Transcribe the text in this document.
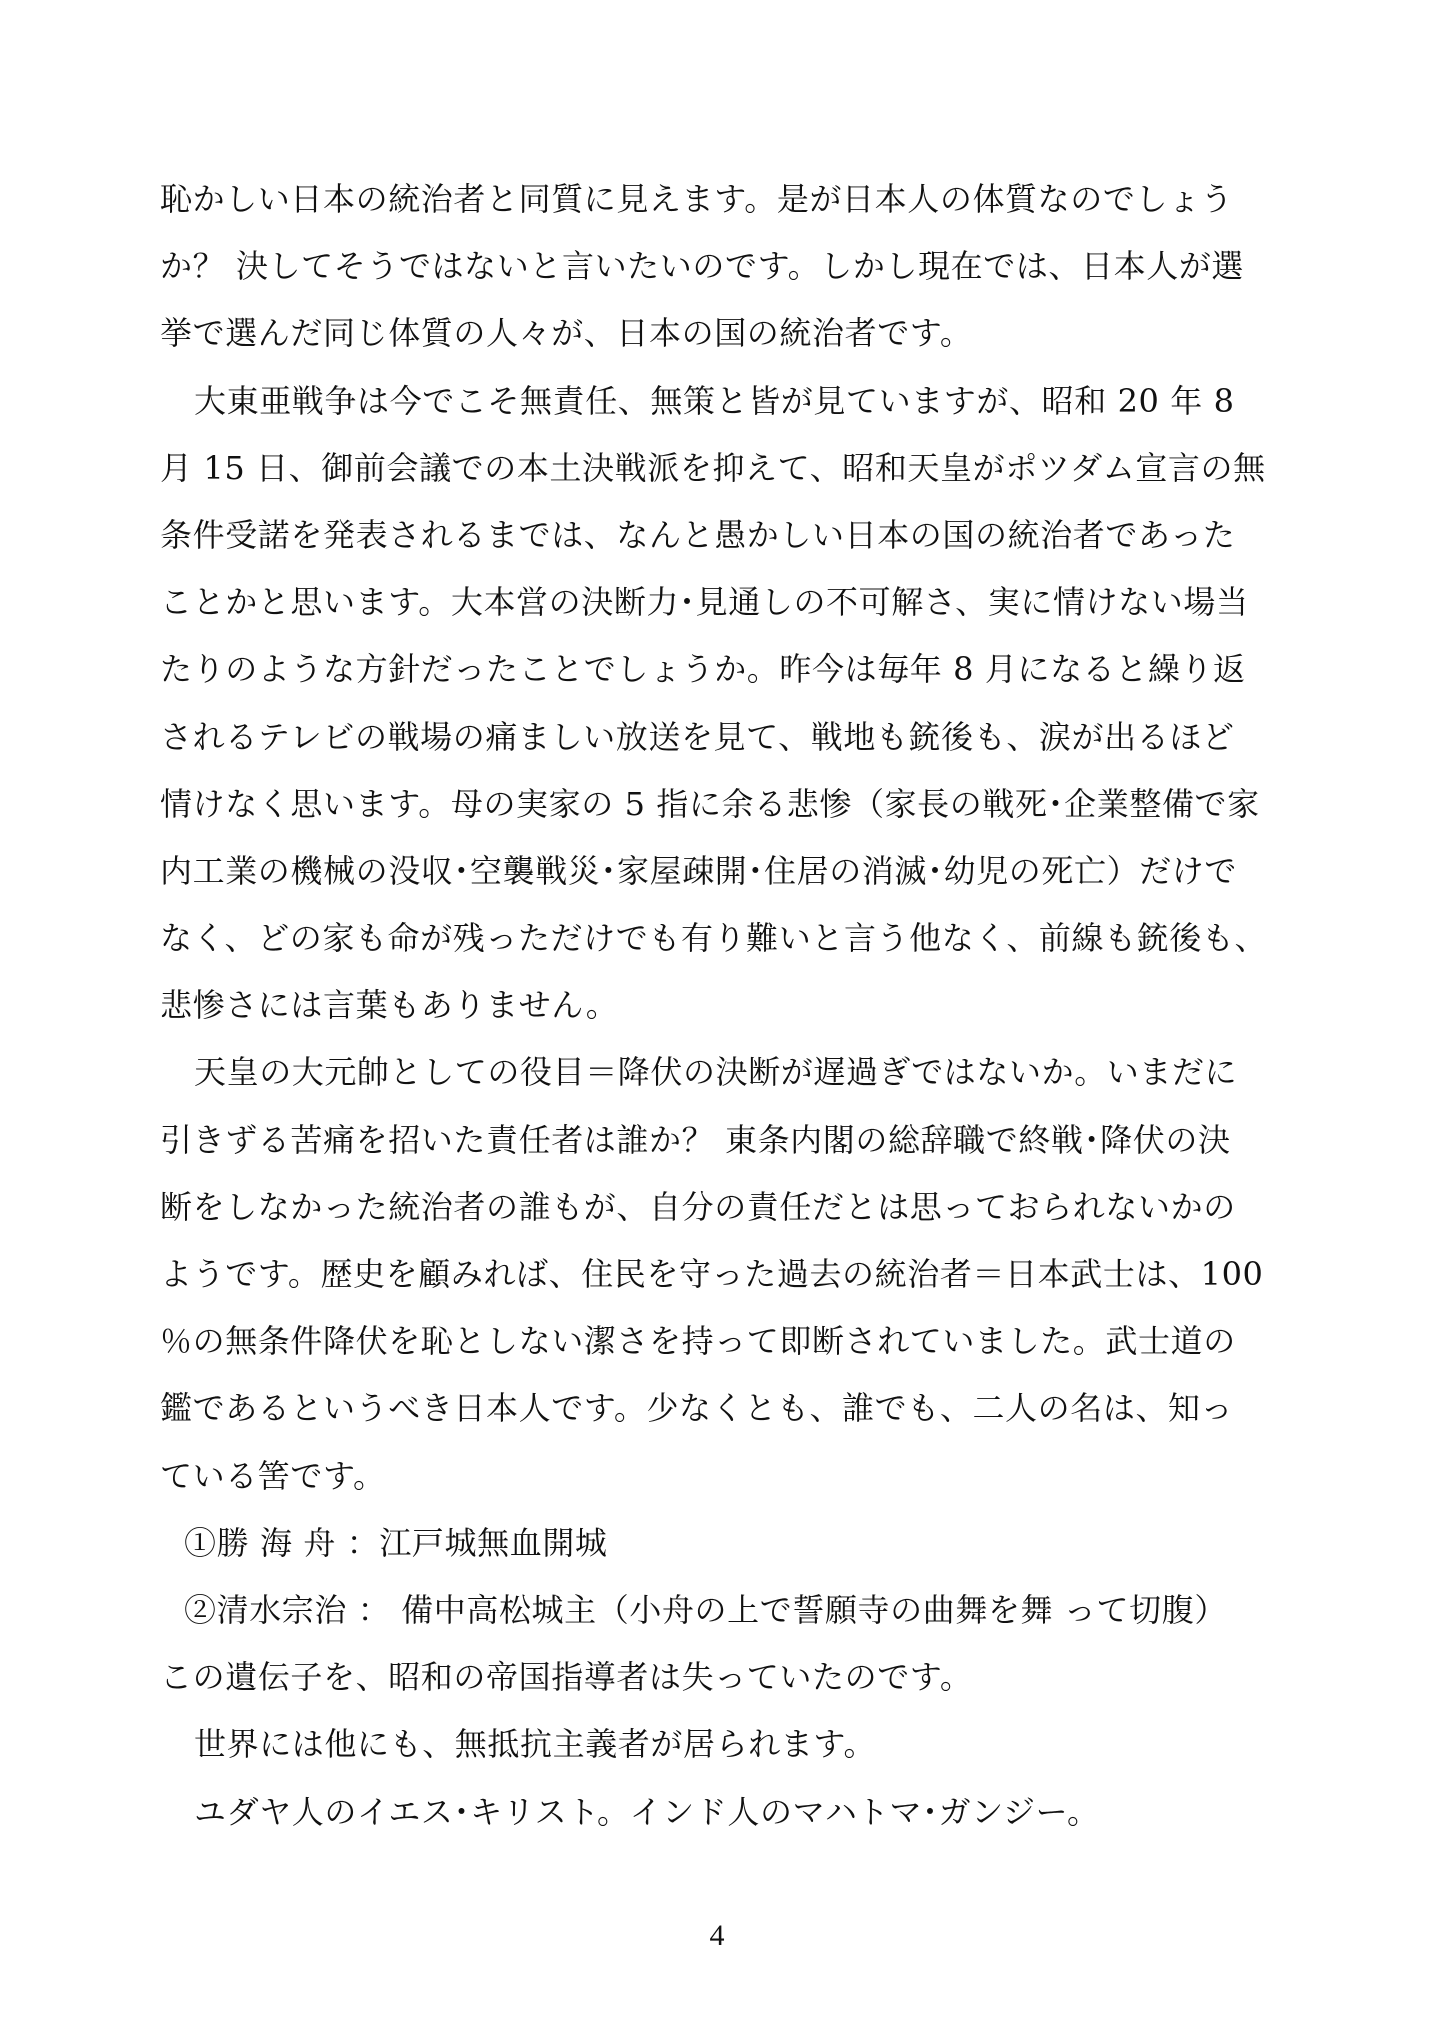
恥かしい日本の統治者と同質に見えます。是が日本人の体質なのでしょう
か？ 決してそうではないと言いたいのです。しかし現在では、日本人が選
挙で選んだ同じ体質の人々が、日本の国の統治者です。
大東亜戦争は今でこそ無責任、無策と皆が見ていますが、昭和 20 年 8
月 15 日、御前会議での本土決戦派を抑えて、昭和天皇がポツダム宣言の無
条件受諾を発表されるまでは、なんと愚かしい日本の国の統治者であった
ことかと思います。大本営の決断力･見通しの不可解さ、実に情けない場当
たりのような方針だったことでしょうか。昨今は毎年 8 月になると繰り返
されるテレビの戦場の痛ましい放送を見て、戦地も銃後も、涙が出るほど
情けなく思います。母の実家の 5 指に余る悲惨（家長の戦死･企業整備で家
内工業の機械の没収･空襲戦災･家屋疎開･住居の消滅･幼児の死亡）だけで
なく、どの家も命が残っただけでも有り難いと言う他なく、前線も銃後も、
悲惨さには言葉もありません。
天皇の大元帥としての役目＝降伏の決断が遅過ぎではないか。いまだに
引きずる苦痛を招いた責任者は誰か？ 東条内閣の総辞職で終戦･降伏の決
断をしなかった統治者の誰もが、自分の責任だとは思っておられないかの
ようです。歴史を顧みれば、住民を守った過去の統治者＝日本武士は、100
％の無条件降伏を恥としない潔さを持って即断されていました。武士道の
鑑であるというべき日本人です。少なくとも、誰でも、二人の名は、知っ
ている筈です。
①勝 海 舟 ：江戸城無血開城
②清水宗治 ： 備中高松城主（小舟の上で誓願寺の曲舞を舞 って切腹）
この遺伝子を、昭和の帝国指導者は失っていたのです。
世界には他にも、無抵抗主義者が居られます。
ユダヤ人のイエス･キリスト。インド人のマハトマ･ガンジー。
4
